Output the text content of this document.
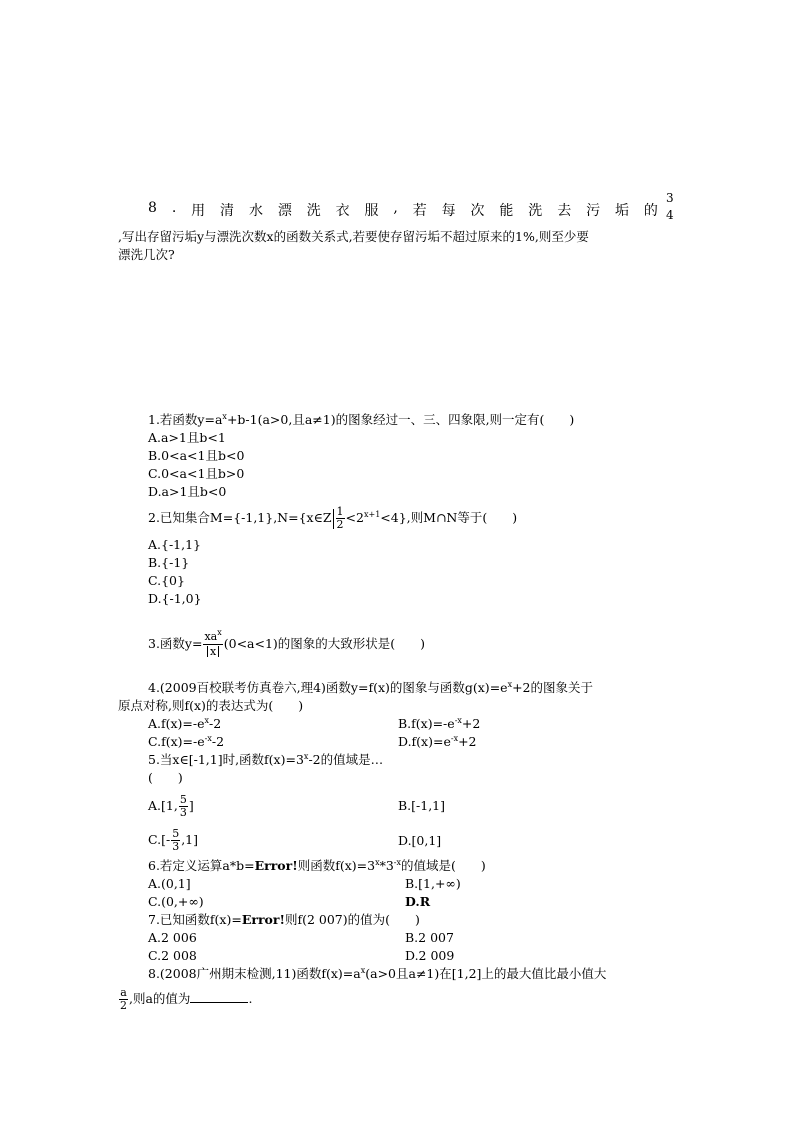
8 . 用 清 水 漂 洗 衣 服 , 若 每 次 能 洗 去 污 垢 的
3
4
,写出存留污垢y与漂洗次数x的函数关系式,若要使存留污垢不超过原来的1%,则至少要
漂洗几次?
1.若函数$y=a^x+b-1(a>0$,且a≠1)的图象经过一、三、四象限,则一定有(　　)
A.a>1且b<1
B.0<a<1且b<0
C.0<a<1且b>0
D.a>1且b<0
2.已知集合M={-1,1},N={x∈Z $\frac{1}{2} <2^{x+1}<4$},则M∩N等于(　　)
A.{-1,1}
B.{-1}
C.{0}
D.{-1,0}
3.函数$y= \frac{xa^x}{x} (0<a<1)$的图象的大致形状是(　　)
4.(2009百校联考仿真卷六,理4)函数y=f(x)的图象与函数$g(x)=e^x+2$的图象关于
原点对称,则f(x)的表达式为(　　)
$A.f(x)=-e^x-2$	$B.f(x)=-e^{-x}+2$
$C.f(x)=-e^{-x}-2$	$D.f(x)=e^{-x}+2$
5.当x∈[-1,1]时,函数$f(x)=3^x-2$的值域是…
(　　)
A.[1, $\frac{5}{3}$ ]	B.[-1,1]
$C.[- \frac{5}{3} ,1]$	D.[0,1]
6.若定义运算a*b=Error!则函数$f(x)=3^x*3^{-x}$的值域是(　　)
A.(0,1]	B.[1,+∞)
C.(0,+∞)	D.R
7.已知函数f(x)=Error!则f(2 007)的值为(　　)
A.2 006	B.2 007
C.2 008	D.2 009
8.(2008广州期末检测,11)函数$f(x)=a^x(a>0$且a≠1)在[1,2]上的最大值比最小值大
$\frac{a}{2}$ ,则a的值为	.
